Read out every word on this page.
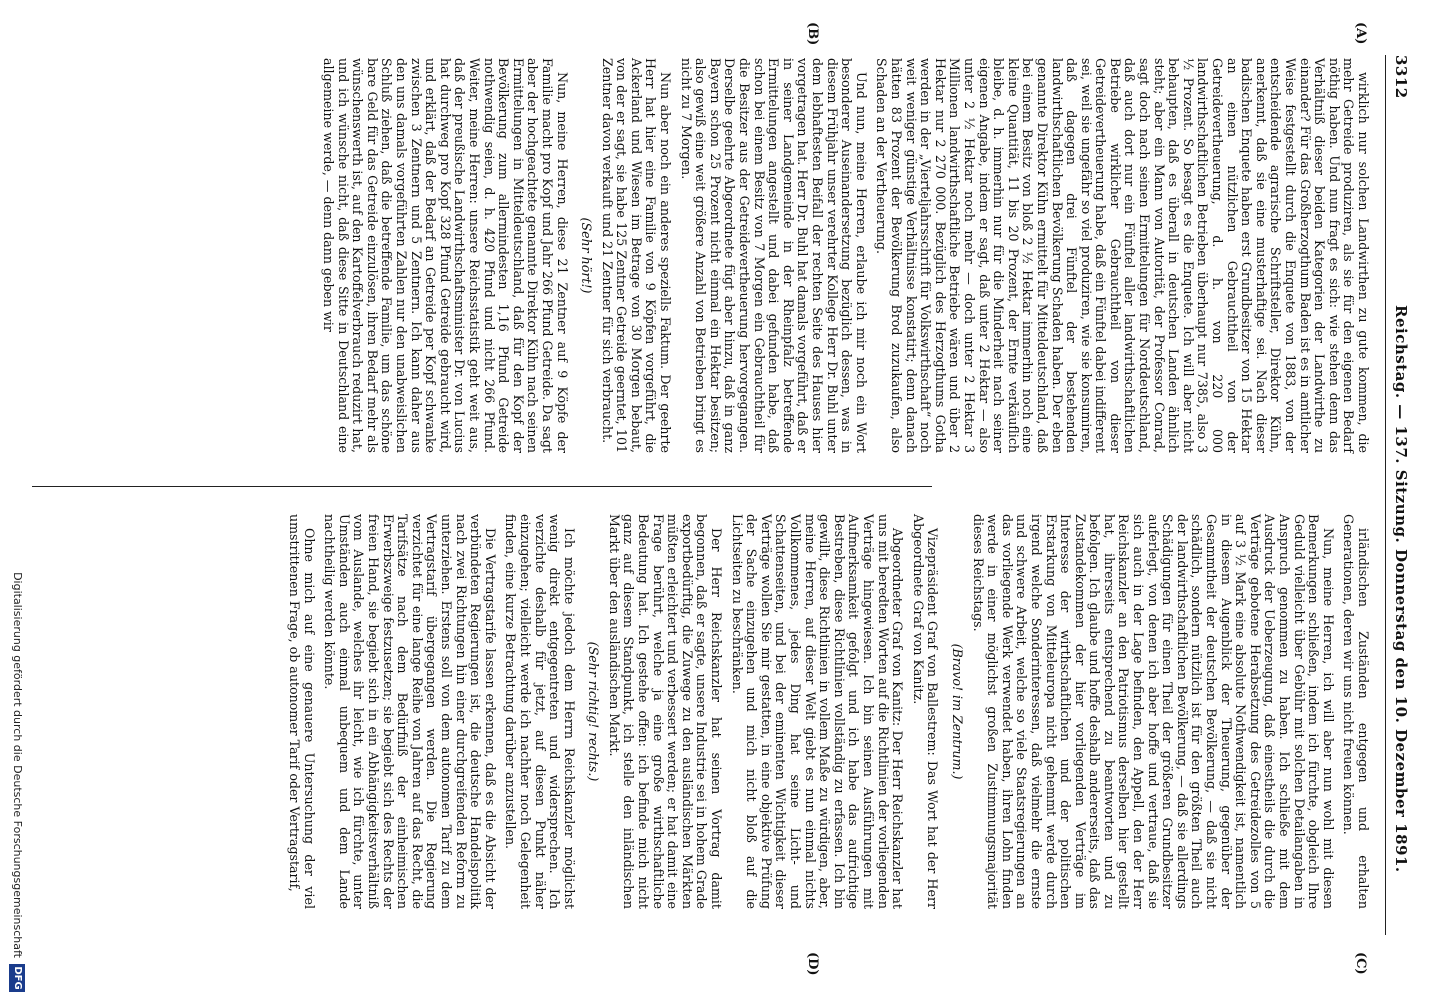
3312
Reichstag. — 137. Sitzung. Donnerstag den 10. Dezember 1891.
(A)
(B)
(C)
(D)

wirklich nur solchen Landwirthen zu gute kommen, die mehr Getreide produziren, als sie für den eigenen Bedarf nöthig haben. Und nun fragt es sich: wie stehen denn das Verhältniß dieser beiden Kategorien der Landwirthe zu einander? Für das Großherzogthum Baden ist es in amtlicher Weise festgestellt durch die Enquete von 1883, von der entscheidende agrarische Schriftsteller, Direktor Kühn, anerkennt, daß sie eine musterhaftige sei. Nach dieser badischen Enquete haben erst Grundbesitzer von 15 Hektar an einen nützlichen Gebrauchtheil von der Getreidevertheuerung, d. h. von 220 000 landwirthschaftlichen Betrieben überhaupt nur 7385, also 3 ½ Prozent. So besagt es die Enquete. Ich will aber nicht behaupten, daß es überall in deutschen Landen ähnlich steht; aber ein Mann von Autorität, der Professor Conrad, sagt doch nach seinen Ermittelungen für Norddeutschland, daß auch dort nur ein Fünftel aller landwirthschaftlichen Betriebe wirklicher Gebrauchtheil von dieser Getreidevertheuerung habe, daß ein Fünftel dabei indifferent sei, weil sie ungefähr so viel produziren, wie sie konsumiren, daß dagegen drei Fünftel der bestehenden landwirthschaftlichen Bevölkerung Schaden haben. Der eben genannte Direktor Kühn ermittelt für Mitteldeutschland, daß bei einem Besitz von bloß 2 ½ Hektar immerhin noch eine kleine Quantität, 11 bis 20 Prozent, der Ernte verkäuflich bleibe, d. h. immerhin nur für die Minderheit nach seiner eigenen Angabe, indem er sagt, daß unter 2 Hektar — also unter 2 ½ Hektar noch mehr — doch unter 2 Hektar 3 Millionen landwirthschaftliche Betriebe wären und über 2 Hektar nur 2 270 000. Bezüglich des Herzogthums Gotha werden in der „Vierteljahrsschrift für Volkswirthschaft“ noch weit weniger günstige Verhältnisse konstatirt; denn danach hätten 83 Prozent der Bevölkerung Brod zuzukaufen, also Schaden an der Vertheuerung.

Und nun, meine Herren, erlaube ich mir noch ein Wort besonderer Auseinandersetzung bezüglich dessen, was in diesem Frühjahr unser verehrter Kollege Herr Dr. Buhl unter dem lebhaftesten Beifall der rechten Seite des Hauses hier vorgetragen hat. Herr Dr. Buhl hat damals vorgeführt, daß er in seiner Landgemeinde in der Rheinpfalz betreffende Ermittelungen angestellt und dabei gefunden habe, daß schon bei einem Besitz von 7 Morgen ein Gebrauchtheil für die Besitzer aus der Getreidevertheuerung hervorgegangen. Derselbe geehrte Abgeordnete fügt aber hinzu, daß in ganz Bayern schon 25 Prozent nicht einmal ein Hektar besitzen; also gewiß eine weit größere Anzahl von Betrieben bringt es nicht zu 7 Morgen.

Nun aber noch ein anderes speziells Faktum. Der geehrte Herr hat hier eine Familie von 9 Köpfen vorgeführt, die Ackerland und Wiesen im Betrage von 30 Morgen bebaut, von der er sagt, sie habe 125 Zentner Getreide geerntet, 101 Zentner davon verkauft und 21 Zentner für sich verbraucht.

(Sehr hört!)

Nun, meine Herren, diese 21 Zentner auf 9 Köpfe der Familie macht pro Kopf und Jahr 266 Pfund Getreide. Da sagt aber der hochgeachtete genannte Direktor Kühn nach seinen Ermittelungen in Mitteldeutschland, daß für den Kopf der Bevölkerung zum allermindesten 1,16 Pfund Getreide nothwendig seien, d. h. 420 Pfund und nicht 266 Pfund. Weiter, meine Herren: unsere Reichsstatistik geht weit aus, daß der preußische Landwirthschaftsminister Dr. von Lucius hat durchweg pro Kopf 328 Pfund Getreide gebraucht wird, und erklärt, daß der Bedarf an Getreide per Kopf schwanke zwischen 3 Zentnern und 5 Zentnern. Ich kann daher aus den uns damals vorgeführten Zahlen nur den unabweislichen Schluß ziehen, daß die betreffende Familie, um das schöne bare Geld für das Getreide einzulösen, ihren Bedarf mehr als wünschenswerth ist, auf den Kartoffelverbrauch reduzirt hat, und ich wünsche nicht, daß diese Sitte in Deutschland eine allgemeine werde, — denn dann geben wir

irländischen Zuständen entgegen und erhalten Generationen, deren wir uns nicht freuen können.

Nun, meine Herren, ich will aber nun wohl mit diesen Bemerkungen schließen, indem ich fürchte, obgleich Ihre Geduld vielleicht über Gebühr mit solchen Detailangaben in Anspruch genommen zu haben. Ich schließe mit dem Ausdruck der Ueberzeugung, daß einestheils die durch die Verträge gebotene Herabsetzung des Getreidezolles von 5 auf 3 ½ Mark eine absolute Nothwendigkeit ist, namentlich in diesem Augenblick der Theuerung, gegenüber der Gesammtheit der deutschen Bevölkerung, — daß sie nicht schädlich, sondern nützlich ist für den größten Theil auch der landwirthschaftlichen Bevölkerung, — daß sie allerdings Schädigungen für einen Theil der größeren Grundbesitzer auferlegt, von denen ich aber hoffe und vertraue, daß sie sich auch in der Lage befinden, den Appell, den der Herr Reichskanzler an den Patriotismus derselben hier gestellt hat, ihrerseits entsprechend zu beantworten und zu befolgen. Ich glaube und hoffe deshalb andererseits, daß das Zustandekommen der hier vorliegenden Verträge im Interesse der wirthschaftlichen und der politischen Erstarkung von Mitteleuropa nicht gehemmt werde durch irgend welche Sonderinteressen, daß vielmehr die ernste und schwere Arbeit, welche so viele Staatsregierungen an das vorliegende Werk verwendet haben, ihren Lohn finden werde in einer möglichst großen Zustimmungsmajorität dieses Reichstags.

(Bravo! im Zentrum.)

Vizepräsident Graf von Ballestrem: Das Wort hat der Herr Abgeordnete Graf von Kanitz.

Abgeordneter Graf von Kanitz: Der Herr Reichskanzler hat uns mit beredten Worten auf die Richtlinien der vorliegenden Verträge hingewiesen. Ich bin seinen Ausführungen mit Aufmerksamkeit gefolgt und ich habe das aufrichtige Bestreben, diese Richtlinien vollständig zu erfassen. Ich bin gewillt, diese Richtlinien in vollem Maße zu würdigen, aber, meine Herren, auf dieser Welt giebt es nun einmal nichts Vollkommenes, jedes Ding hat seine Licht- und Schattenseiten, und bei der eminenten Wichtigkeit dieser Verträge wollen Sie mir gestatten, in eine objektive Prüfung der Sache einzugehen und mich nicht bloß auf die Lichtseiten zu beschränken.

Der Herr Reichskanzler hat seinen Vortrag damit begonnen, daß er sagte, unsere Industrie sei in hohem Grade exportbedürftig, die Zuwege zu den ausländischen Märkten müßten erleichtert und verbessert werden; er hat damit eine Frage berührt, welche ja eine große wirthschaftliche Bedeutung hat. Ich gestehe offen: ich befinde mich nicht ganz auf diesem Standpunkt, ich stelle den inländischen Markt über den ausländischen Markt.

(Sehr richtig! rechts.)

Ich möchte jedoch dem Herrn Reichskanzler möglichst wenig direkt entgegentreten und widersprechen. Ich verzichte deshalb für jetzt, auf diesen Punkt näher einzugehen; vielleicht werde ich nachher noch Gelegenheit finden, eine kurze Betrachtung darüber anzustellen.

Die Vertragstarife lassen erkennen, daß es die Absicht der verbündeten Regierungen ist, die deutsche Handelspolitik nach zwei Richtungen hin einer durchgreifenden Reform zu unterziehen. Erstens soll von dem autonomen Tarif zu dem Vertragstarif übergegangen werden. Die Regierung verzichtet für eine lange Reihe von Jahren auf das Recht, die Tarifsätze nach dem Bedürfniß der einheimischen Erwerbszweige festzusetzen; sie begiebt sich des Rechts der freien Hand, sie begiebt sich in ein Abhängigkeitsverhältniß vom Auslande, welches ihr leicht, wie ich fürchte, unter Umständen auch einmal unbequem und dem Lande nachtheilig werden könnte.

Ohne mich auf eine genauere Untersuchung der viel umstrittenen Frage, ob autonomer Tarif oder Vertragstarif,

Digitalisierung gefördert durch die Deutsche Forschungsgemeinschaft
DFG
